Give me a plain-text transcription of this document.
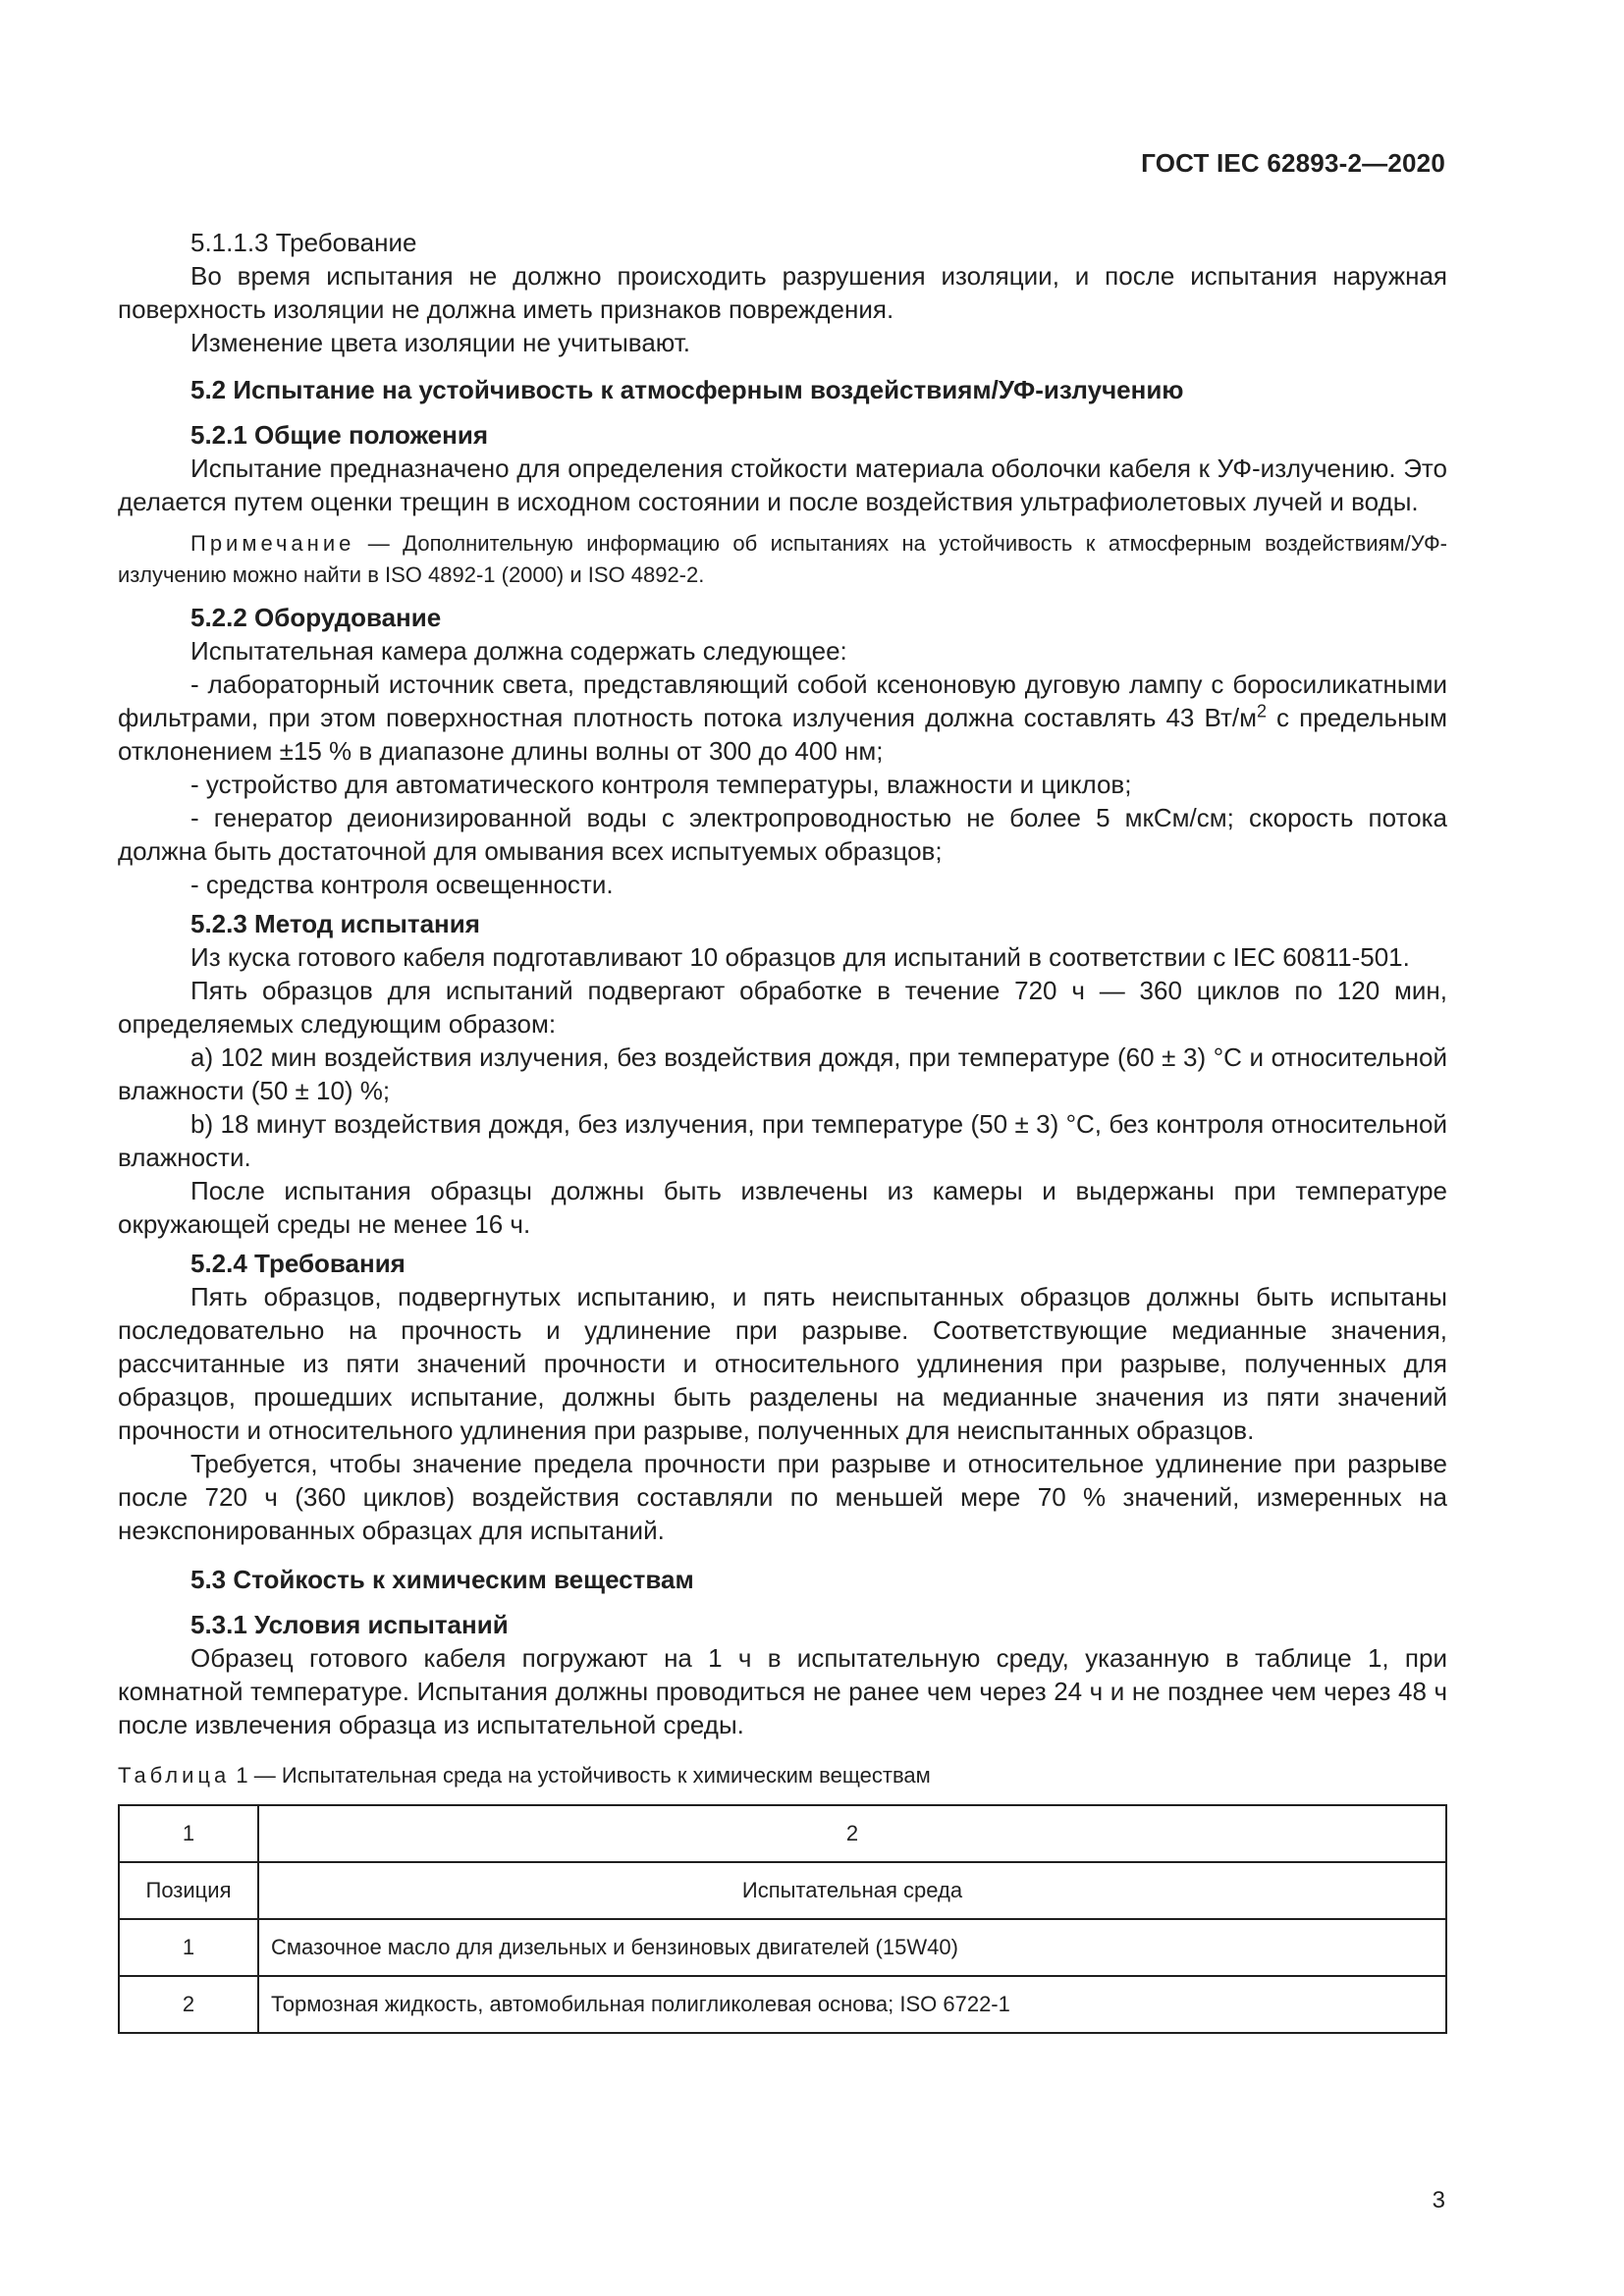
ГОСТ IEC 62893-2—2020

5.1.1.3 Требование

Во время испытания не должно происходить разрушения изоляции, и после испытания наружная поверхность изоляции не должна иметь признаков повреждения.

Изменение цвета изоляции не учитывают.

5.2 Испытание на устойчивость к атмосферным воздействиям/УФ-излучению
5.2.1 Общие положения

Испытание предназначено для определения стойкости материала оболочки кабеля к УФ-излучению. Это делается путем оценки трещин в исходном состоянии и после воздействия ультрафиолетовых лучей и воды.

Примечание — Дополнительную информацию об испытаниях на устойчивость к атмосферным воздействиям/УФ-излучению можно найти в ISO 4892-1 (2000) и ISO 4892-2.

5.2.2 Оборудование

Испытательная камера должна содержать следующее:

- лабораторный источник света, представляющий собой ксеноновую дуговую лампу с боросиликатными фильтрами, при этом поверхностная плотность потока излучения должна составлять 43 $Вт/м^2$ с предельным отклонением ±15 % в диапазоне длины волны от 300 до 400 нм;

- устройство для автоматического контроля температуры, влажности и циклов;

- генератор деионизированной воды с электропроводностью не более 5 мкСм/см; скорость потока должна быть достаточной для омывания всех испытуемых образцов;

- средства контроля освещенности.

5.2.3 Метод испытания

Из куска готового кабеля подготавливают 10 образцов для испытаний в соответствии с IEC 60811-501.

Пять образцов для испытаний подвергают обработке в течение 720 ч — 360 циклов по 120 мин, определяемых следующим образом:

a) 102 мин воздействия излучения, без воздействия дождя, при температуре (60 ± 3) °С и относительной влажности (50 ± 10) %;

b) 18 минут воздействия дождя, без излучения, при температуре (50 ± 3) °С, без контроля относительной влажности.

После испытания образцы должны быть извлечены из камеры и выдержаны при температуре окружающей среды не менее 16 ч.

5.2.4 Требования

Пять образцов, подвергнутых испытанию, и пять неиспытанных образцов должны быть испытаны последовательно на прочность и удлинение при разрыве. Соответствующие медианные значения, рассчитанные из пяти значений прочности и относительного удлинения при разрыве, полученных для образцов, прошедших испытание, должны быть разделены на медианные значения из пяти значений прочности и относительного удлинения при разрыве, полученных для неиспытанных образцов.

Требуется, чтобы значение предела прочности при разрыве и относительное удлинение при разрыве после 720 ч (360 циклов) воздействия составляли по меньшей мере 70 % значений, измеренных на неэкспонированных образцах для испытаний.

5.3 Стойкость к химическим веществам
5.3.1 Условия испытаний

Образец готового кабеля погружают на 1 ч в испытательную среду, указанную в таблице 1, при комнатной температуре. Испытания должны проводиться не ранее чем через 24 ч и не позднее чем через 48 ч после извлечения образца из испытательной среды.

Таблица 1 — Испытательная среда на устойчивость к химическим веществам
1	2
Позиция	Испытательная среда
1	Смазочное масло для дизельных и бензиновых двигателей (15W40)
2	Тормозная жидкость, автомобильная полигликолевая основа; ISO 6722-1
3
